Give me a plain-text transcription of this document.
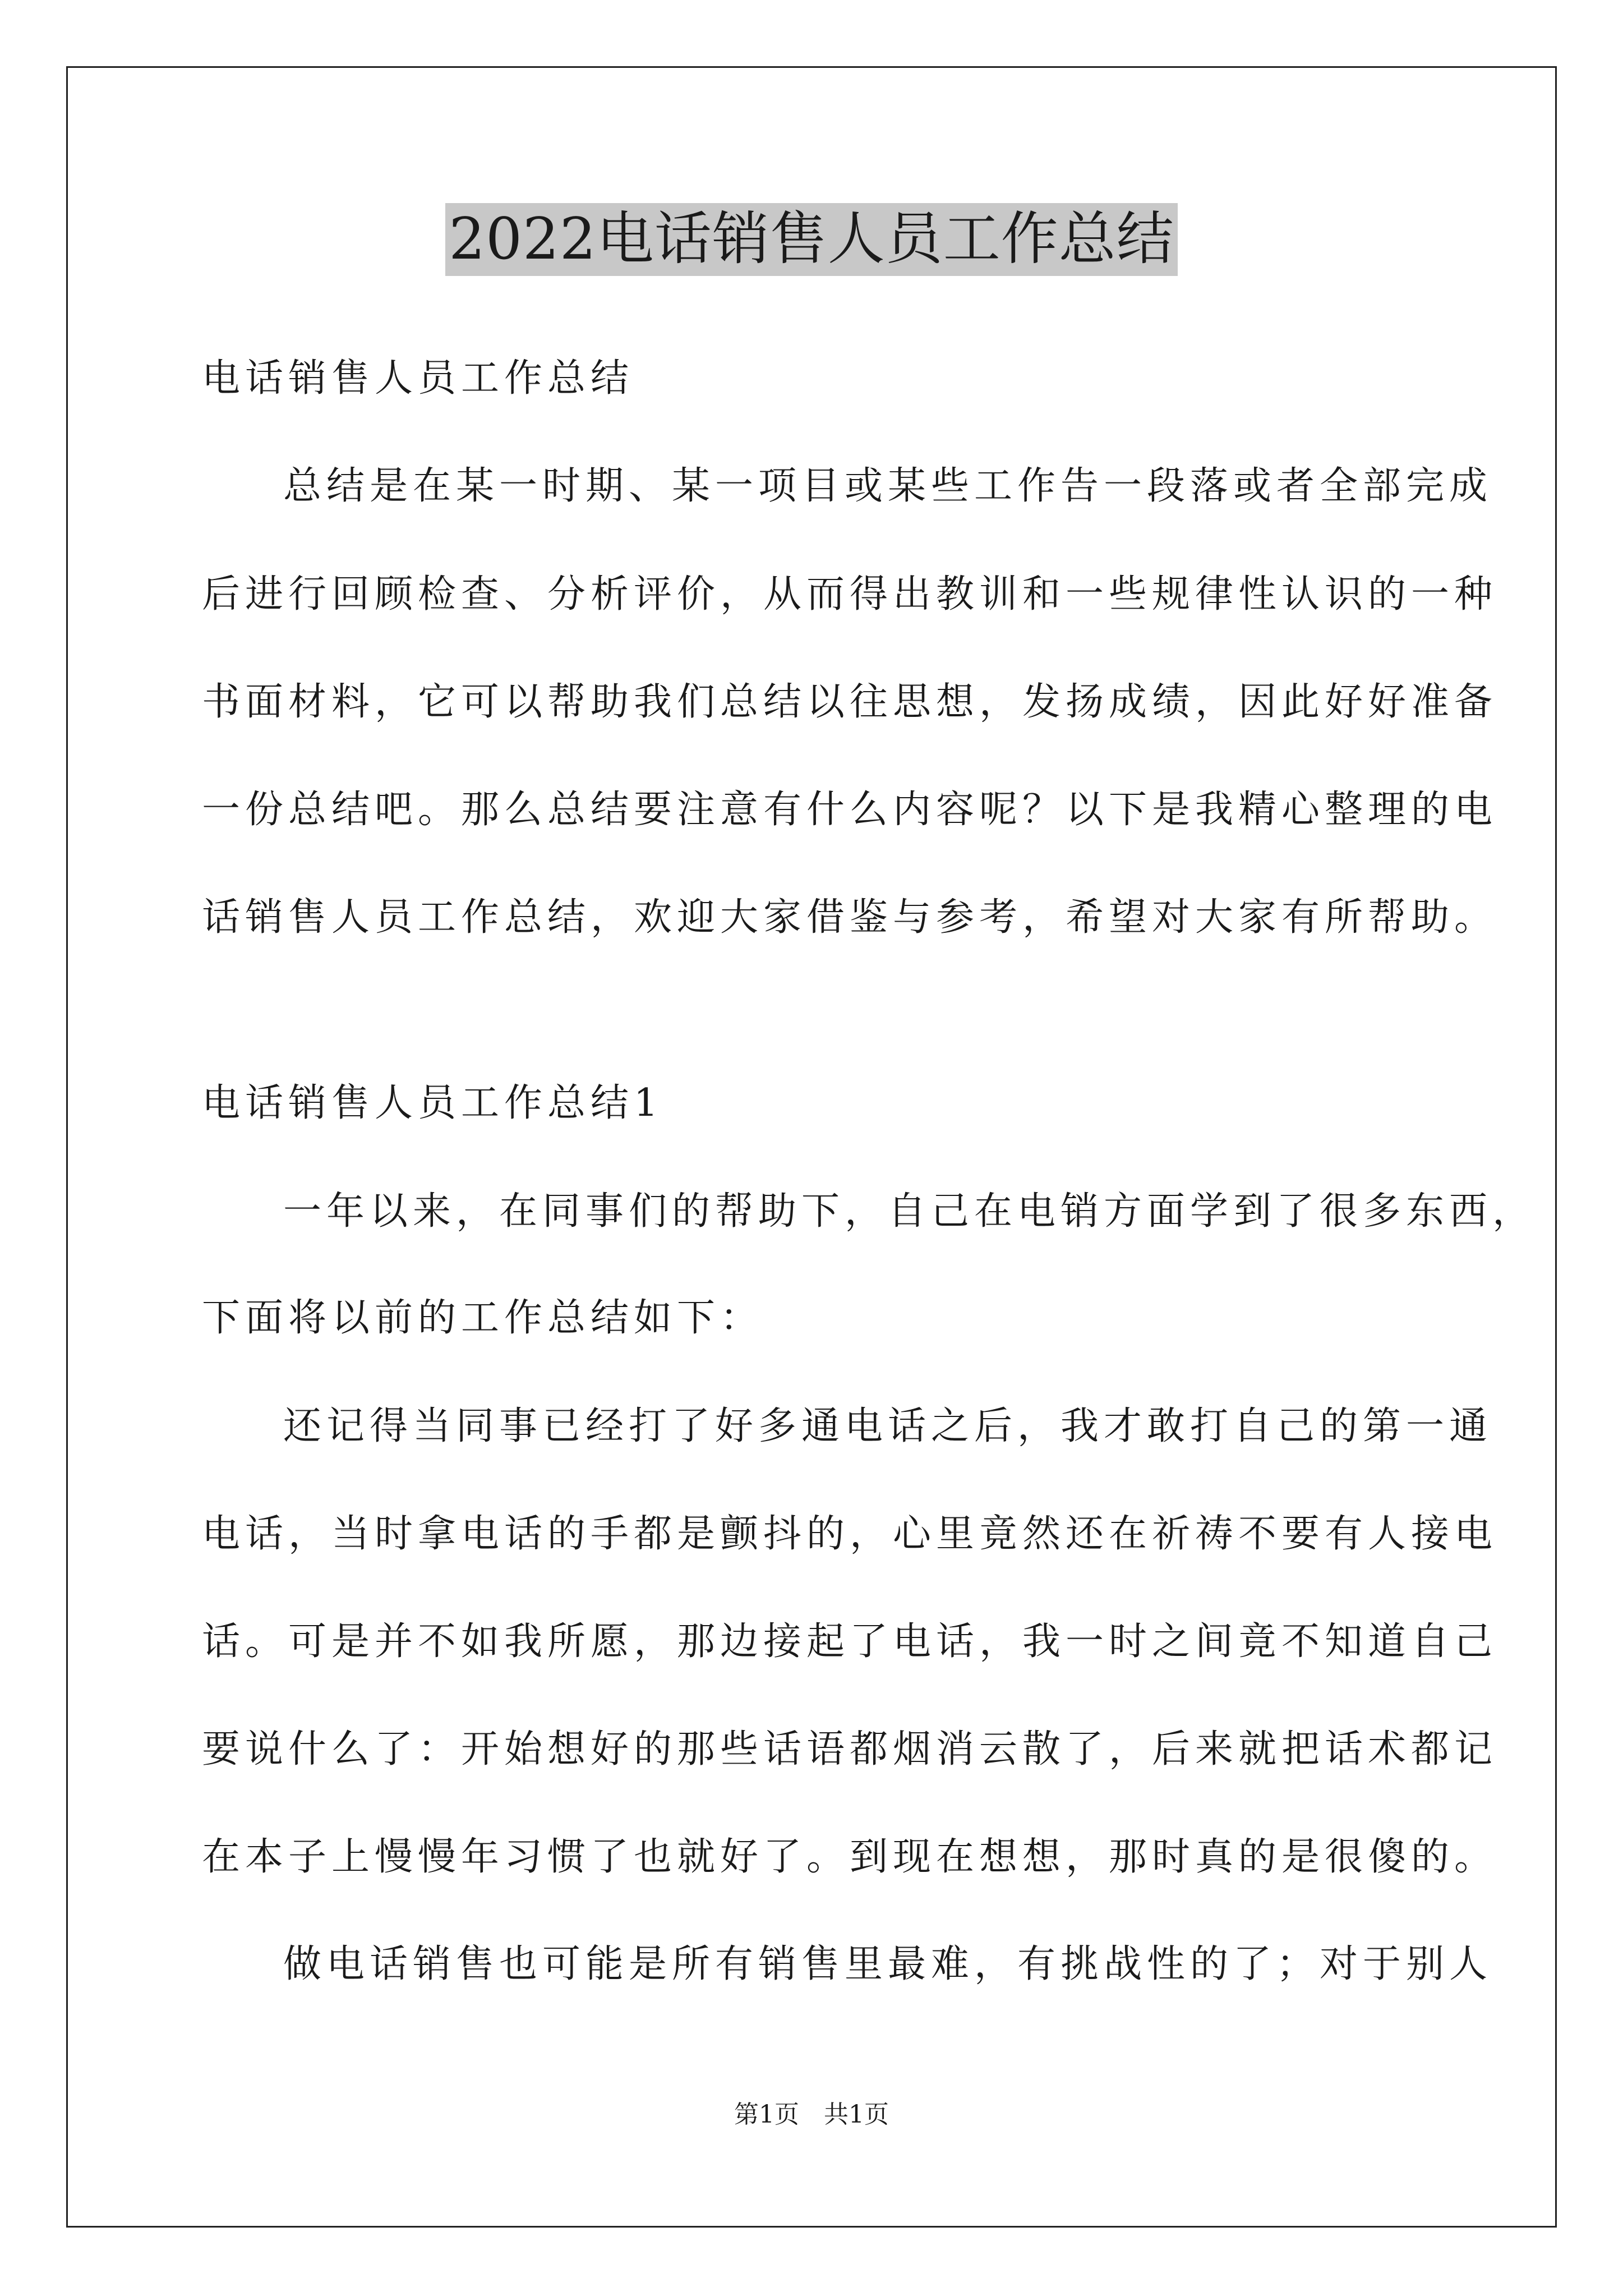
2022电话销售人员工作总结
电话销售人员工作总结
总结是在某一时期、某一项目或某些工作告一段落或者全部完成
后进行回顾检查、分析评价，从而得出教训和一些规律性认识的一种
书面材料，它可以帮助我们总结以往思想，发扬成绩，因此好好准备
一份总结吧。那么总结要注意有什么内容呢？以下是我精心整理的电
话销售人员工作总结，欢迎大家借鉴与参考，希望对大家有所帮助。
电话销售人员工作总结1
一年以来，在同事们的帮助下，自己在电销方面学到了很多东西，
下面将以前的工作总结如下：
还记得当同事已经打了好多通电话之后，我才敢打自己的第一通
电话，当时拿电话的手都是颤抖的，心里竟然还在祈祷不要有人接电
话。可是并不如我所愿，那边接起了电话，我一时之间竟不知道自己
要说什么了：开始想好的那些话语都烟消云散了，后来就把话术都记
在本子上慢慢年习惯了也就好了。到现在想想，那时真的是很傻的。
做电话销售也可能是所有销售里最难，有挑战性的了；对于别人
第1页 共1页
